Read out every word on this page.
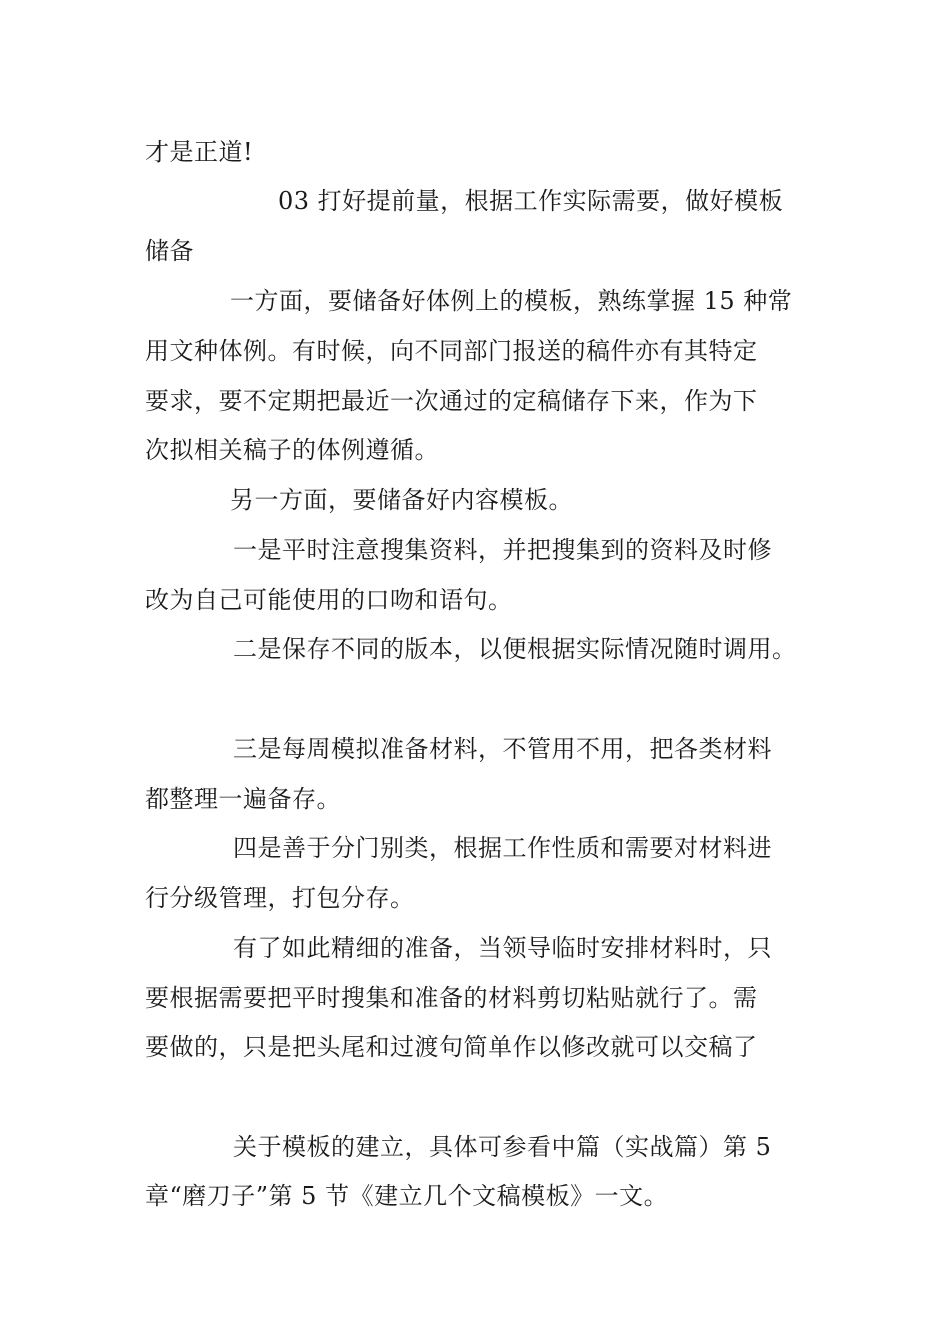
才是正道!

03 打好提前量，根据工作实际需要，做好模板

储备

一方面，要储备好体例上的模板，熟练掌握 15 种常

用文种体例。有时候，向不同部门报送的稿件亦有其特定

要求，要不定期把最近一次通过的定稿储存下来，作为下

次拟相关稿子的体例遵循。

另一方面，要储备好内容模板。

一是平时注意搜集资料，并把搜集到的资料及时修

改为自己可能使用的口吻和语句。

二是保存不同的版本，以便根据实际情况随时调用。

三是每周模拟准备材料，不管用不用，把各类材料

都整理一遍备存。

四是善于分门别类，根据工作性质和需要对材料进

行分级管理，打包分存。

有了如此精细的准备，当领导临时安排材料时，只

要根据需要把平时搜集和准备的材料剪切粘贴就行了。需

要做的，只是把头尾和过渡句简单作以修改就可以交稿了

关于模板的建立，具体可参看中篇（实战篇）第 5

章“磨刀子”第 5 节《建立几个文稿模板》一文。
